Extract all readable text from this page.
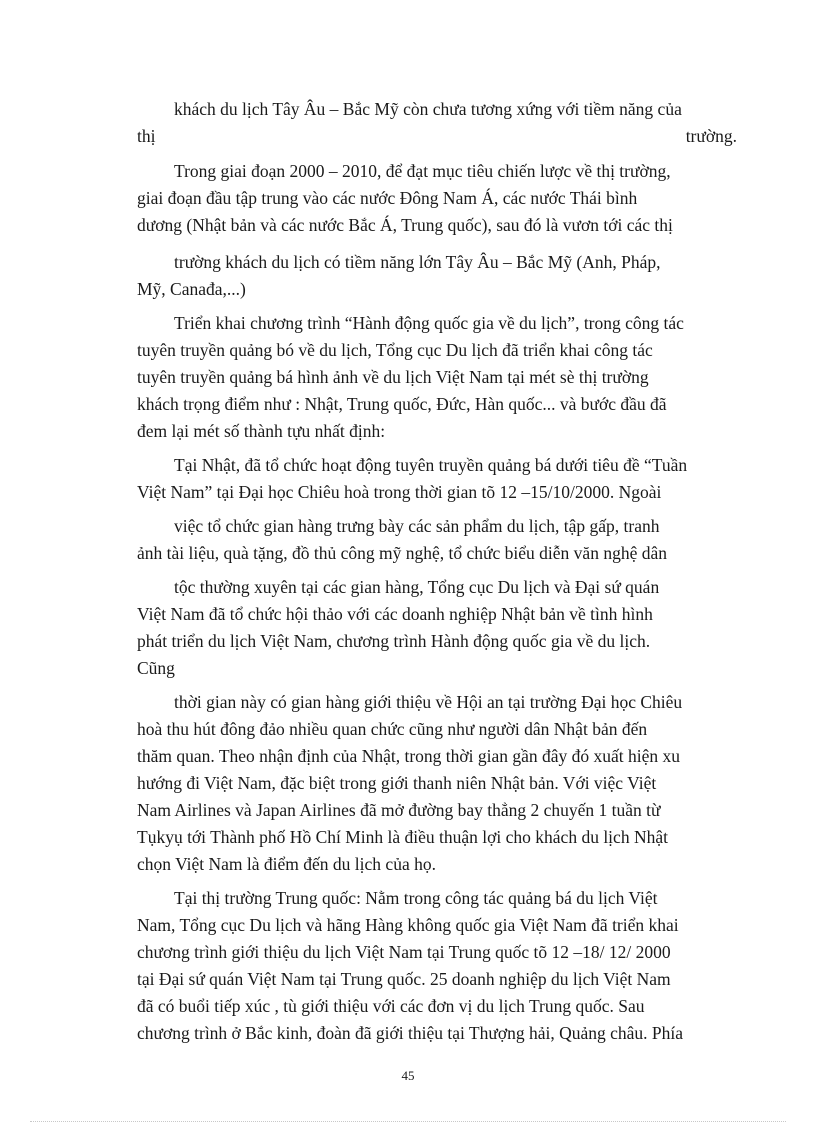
khách du lịch Tây Âu – Bắc Mỹ còn chưa tương xứng với tiềm năng của
thị	trường.

Trong giai đoạn 2000 – 2010, để đạt mục tiêu chiến lược về thị trường,
giai đoạn đầu tập trung vào các nước Đông Nam Á, các nước Thái bình
dương (Nhật bản và các nước Bắc Á, Trung quốc), sau đó là vươn tới các thị

trường khách du lịch có tiềm năng lớn Tây Âu – Bắc Mỹ (Anh, Pháp,
Mỹ, Canađa,...)

Triển khai chương trình “Hành động quốc gia về du lịch”, trong công tác
tuyên truyền quảng bó về du lịch, Tổng cục Du lịch đã triển khai công tác
tuyên truyền quảng bá hình ảnh về du lịch Việt Nam tại mét sè thị trường
khách trọng điểm như : Nhật, Trung quốc, Đức, Hàn quốc... và bước đầu đã
đem lại mét số thành tựu nhất định:

Tại Nhật, đã tổ chức hoạt động tuyên truyền quảng bá dưới tiêu đề “Tuần
Việt Nam” tại Đại học Chiêu hoà trong thời gian tõ 12 –15/10/2000. Ngoài

việc tổ chức gian hàng trưng bày các sản phẩm du lịch, tập gấp, tranh
ảnh tài liệu, quà tặng, đồ thủ công mỹ nghệ, tổ chức biểu diễn văn nghệ dân

tộc thường xuyên tại các gian hàng, Tổng cục Du lịch và Đại sứ quán
Việt Nam đã tổ chức hội thảo với các doanh nghiệp Nhật bản về tình hình
phát triển du lịch Việt Nam, chương trình Hành động quốc gia về du lịch.
Cũng

thời gian này có gian hàng giới thiệu về Hội an tại trường Đại học Chiêu
hoà thu hút đông đảo nhiều quan chức cũng như người dân Nhật bản đến
thăm quan. Theo nhận định của Nhật, trong thời gian gần đây đó xuất hiện xu
hướng đi Việt Nam, đặc biệt trong giới thanh niên Nhật bản. Với việc Việt
Nam Airlines và Japan Airlines đã mở đường bay thẳng 2 chuyến 1 tuần từ
Tụkyụ tới Thành phố Hồ Chí Minh là điều thuận lợi cho khách du lịch Nhật
chọn Việt Nam là điểm đến du lịch của họ.

Tại thị trường Trung quốc: Nằm trong công tác quảng bá du lịch Việt
Nam, Tổng cục Du lịch và hãng Hàng không quốc gia Việt Nam đã triển khai
chương trình giới thiệu du lịch Việt Nam tại Trung quốc tõ 12 –18/ 12/ 2000
tại Đại sứ quán Việt Nam tại Trung quốc. 25 doanh nghiệp du lịch Việt Nam
đã có buổi tiếp xúc , tù giới thiệu với các đơn vị du lịch Trung quốc. Sau
chương trình ở Bắc kinh, đoàn đã giới thiệu tại Thượng hải, Quảng châu. Phía

45
